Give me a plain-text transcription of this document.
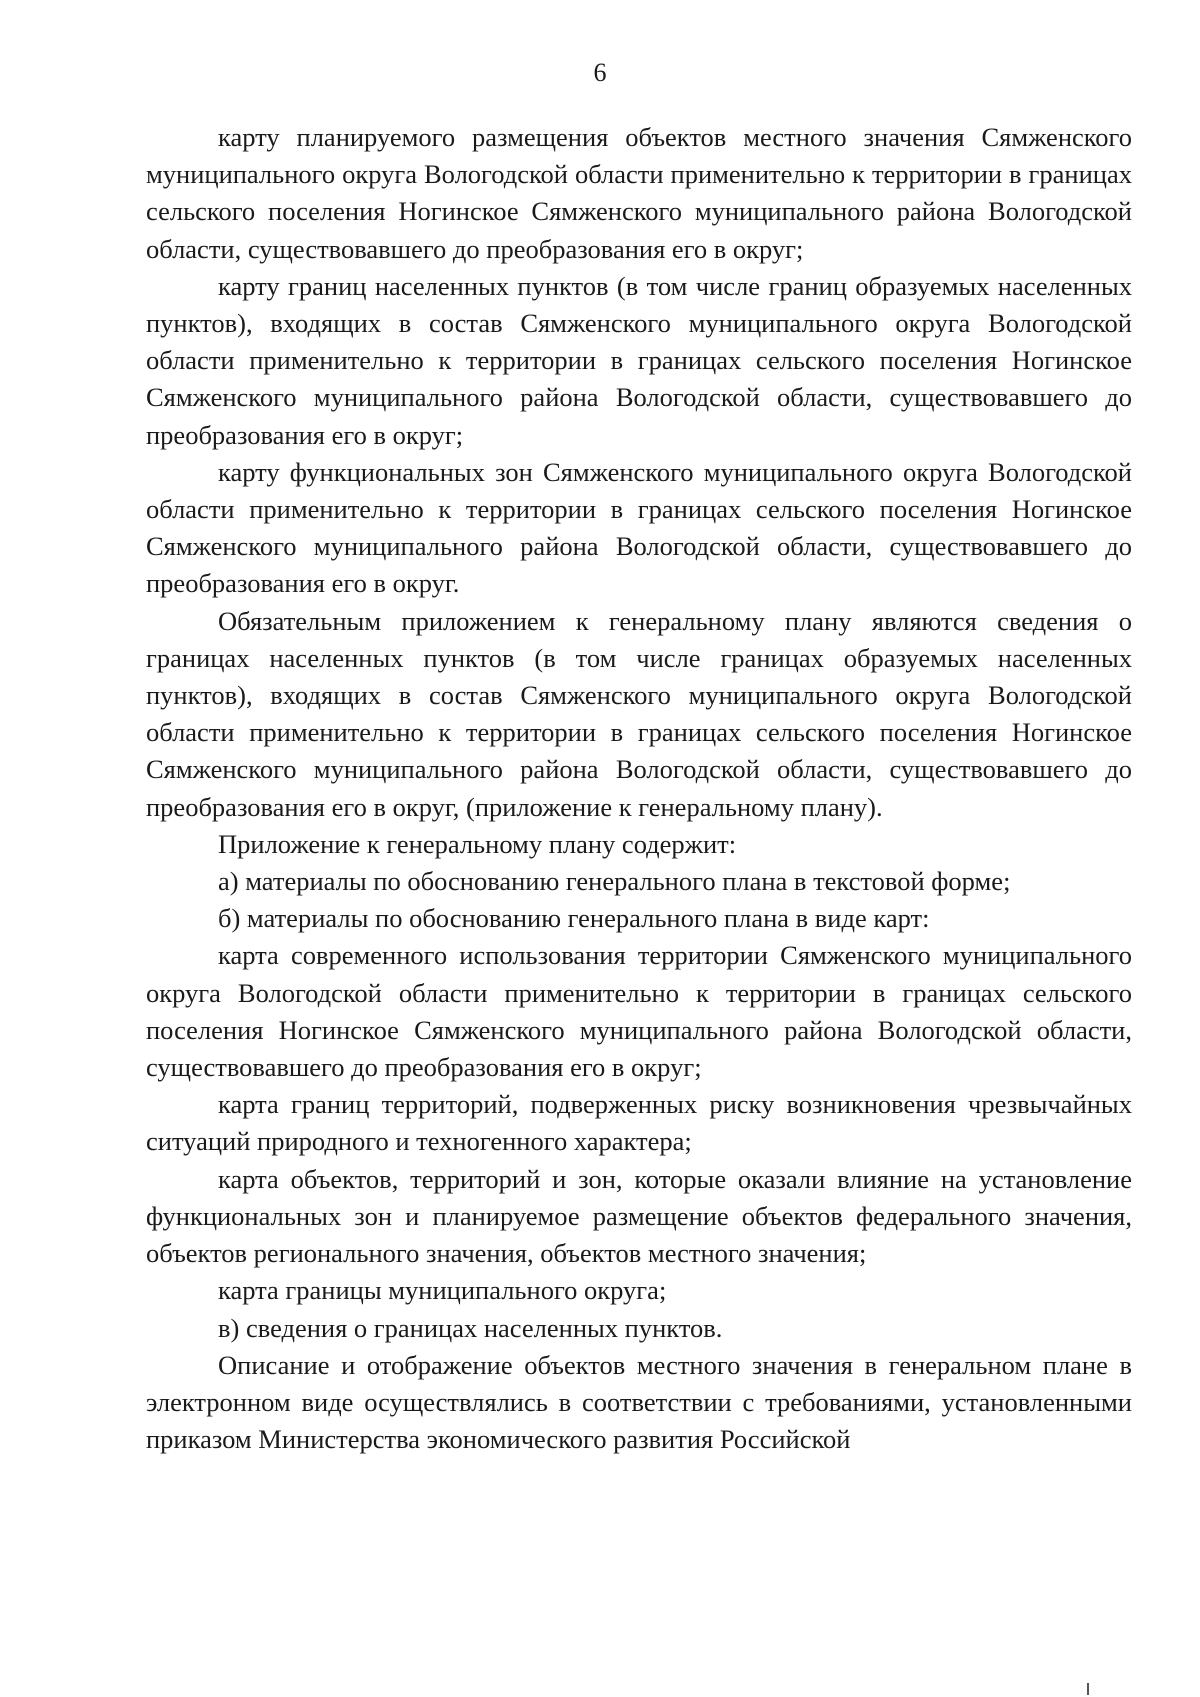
6

карту планируемого размещения объектов местного значения Сямженского муниципального округа Вологодской области применительно к территории в границах сельского поселения Ногинское Сямженского муниципального района Вологодской области, существовавшего до преобразования его в округ;

карту границ населенных пунктов (в том числе границ образуемых населенных пунктов), входящих в состав Сямженского муниципального округа Вологодской области применительно к территории в границах сельского поселения Ногинское Сямженского муниципального района Вологодской области, существовавшего до преобразования его в округ;

карту функциональных зон Сямженского муниципального округа Вологодской области применительно к территории в границах сельского поселения Ногинское Сямженского муниципального района Вологодской области, существовавшего до преобразования его в округ.

Обязательным приложением к генеральному плану являются сведения о границах населенных пунктов (в том числе границах образуемых населенных пунктов), входящих в состав Сямженского муниципального округа Вологодской области применительно к территории в границах сельского поселения Ногинское Сямженского муниципального района Вологодской области, существовавшего до преобразования его в округ, (приложение к генеральному плану).

Приложение к генеральному плану содержит:

а) материалы по обоснованию генерального плана в текстовой форме;

б) материалы по обоснованию генерального плана в виде карт:

карта современного использования территории Сямженского муниципального округа Вологодской области применительно к территории в границах сельского поселения Ногинское Сямженского муниципального района Вологодской области, существовавшего до преобразования его в округ;

карта границ территорий, подверженных риску возникновения чрезвычайных ситуаций природного и техногенного характера;

карта объектов, территорий и зон, которые оказали влияние на установление функциональных зон и планируемое размещение объектов федерального значения, объектов регионального значения, объектов местного значения;

карта границы муниципального округа;

в) сведения о границах населенных пунктов.

Описание и отображение объектов местного значения в генеральном плане в электронном виде осуществлялись в соответствии с требованиями, установленными приказом Министерства экономического развития Российской
